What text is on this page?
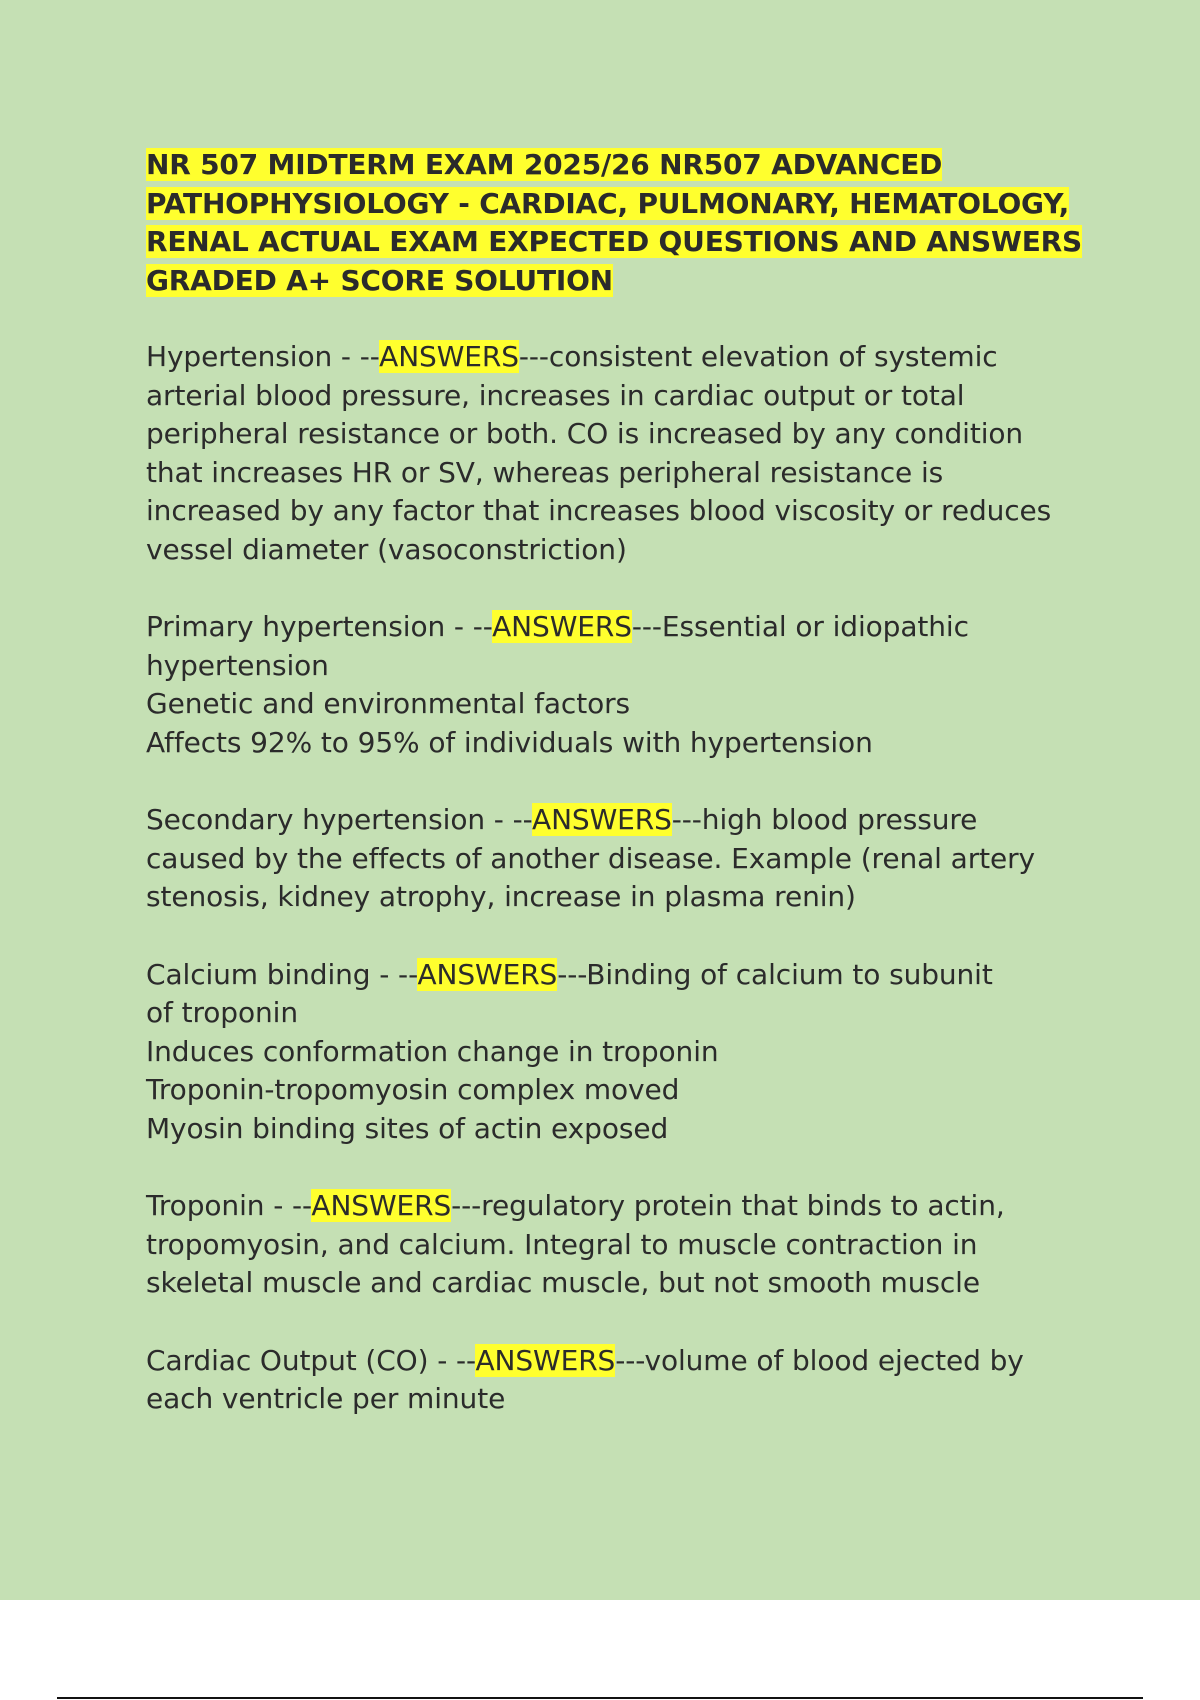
NR 507 MIDTERM EXAM 2025/26 NR507 ADVANCED
PATHOPHYSIOLOGY - CARDIAC, PULMONARY, HEMATOLOGY,
RENAL ACTUAL EXAM EXPECTED QUESTIONS AND ANSWERS
GRADED A+ SCORE SOLUTION
Hypertension - --ANSWERS---consistent elevation of systemic
arterial blood pressure, increases in cardiac output or total
peripheral resistance or both. CO is increased by any condition
that increases HR or SV, whereas peripheral resistance is
increased by any factor that increases blood viscosity or reduces
vessel diameter (vasoconstriction)
Primary hypertension - --ANSWERS---Essential or idiopathic
hypertension
Genetic and environmental factors
Affects 92% to 95% of individuals with hypertension
Secondary hypertension - --ANSWERS---high blood pressure
caused by the effects of another disease. Example (renal artery
stenosis, kidney atrophy, increase in plasma renin)
Calcium binding - --ANSWERS---Binding of calcium to subunit
of troponin
Induces conformation change in troponin
Troponin-tropomyosin complex moved
Myosin binding sites of actin exposed
Troponin - --ANSWERS---regulatory protein that binds to actin,
tropomyosin, and calcium. Integral to muscle contraction in
skeletal muscle and cardiac muscle, but not smooth muscle
Cardiac Output (CO) - --ANSWERS---volume of blood ejected by
each ventricle per minute
